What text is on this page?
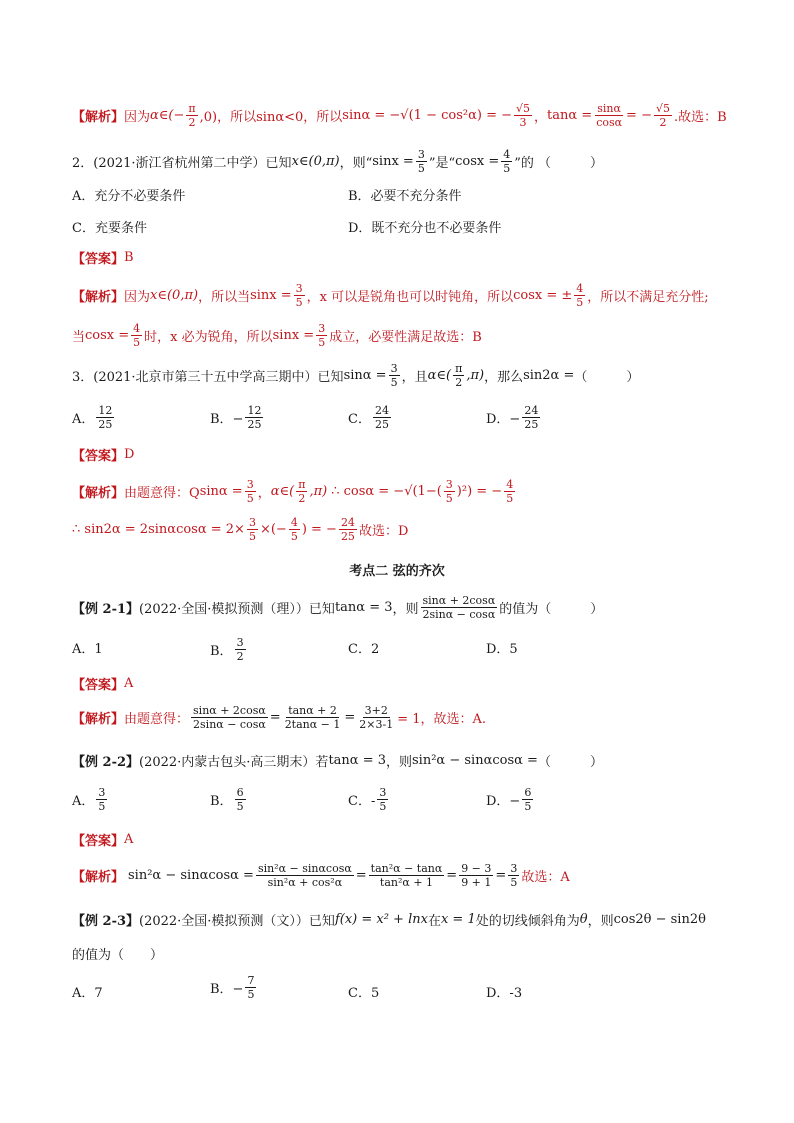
【解析】 因为 α∈(− $\frac{\pi}{2} ,0$)，所以 sinα<0，所以 sinα = −√(1 − cos²α) = − $\frac{√5}{3}$ ， $\tan\alpha = \frac{\sin\alpha}{\cos\alpha}$ = − $\frac{√5}{2}$ .故选：B
2．(2021·浙江省杭州第二中学）已知 x∈(0,π) ，则“ $\sin x = \frac{3}{5}$ ”是“ $\cos x = \frac{4}{5}$ ”的 （　　　）
A．充分不必要条件	B．必要不充分条件
C．充要条件	D．既不充分也不必要条件
【答案】 B
【解析】 因为 x∈(0,π) ，所以当 $\sin x = \frac{3}{5}$ ，x 可以是锐角也可以时钝角，所以 cosx = ± $\frac{4}{5}$ ，所以不满足充分性;
当 $\cos x = \frac{4}{5}$ 时，x 必为锐角，所以 $\sin x = \frac{3}{5}$ 成立，必要性满足故选：B
3．(2021·北京市第三十五中学高三期中）已知 $\sin\alpha = \frac{3}{5}$ ，且 α∈( $\frac{\pi}{2} ,\pi$) ，那么 sin2α = （　　　）
A． $\frac{12}{25}$	B．− $\frac{12}{25}$	C． $\frac{24}{25}$	D．− $\frac{24}{25}$
【答案】 D
【解析】 由题意得：Q $\sin\alpha = \frac{3}{5}$ ， α∈( $\frac{\pi}{2} ,\pi$) ∴ $\cos\alpha = -√(1-( \frac{3}{5} )^2)$ = − $\frac{4}{5}$
∴ $\sin 2\alpha = 2\sin\alpha\cos\alpha = 2\times \frac{3}{5}$ ×(− $\frac{4}{5}$ ) = − $\frac{24}{25}$ 故选：D
考点二 弦的齐次
【例 2-1】 (2022·全国·模拟预测（理））已知 tanα = 3 ，则 $\frac{\sin\alpha + 2\cos\alpha}{2\sin\alpha - \cos\alpha}$ 的值为（　　　）
A．1	B． $\frac{3}{2}$	C．2	D．5
【答案】 A
【解析】 由题意得： $\frac{\sin\alpha + 2\cos\alpha}{2\sin\alpha - \cos\alpha} = \frac{\tan\alpha + 2}{2\tan\alpha - 1} = \frac{3+2}{2\times 3-1} = 1$，故选：A.
【例 2-2】 (2022·内蒙古包头·高三期末）若 tanα = 3 ，则 sin²α − sinαcosα = （　　　）
A． $\frac{3}{5}$	B． $\frac{6}{5}$	C．- $\frac{3}{5}$	D．− $\frac{6}{5}$
【答案】 A
【解析】 $\sin^2\alpha - \sin\alpha\cos\alpha = \frac{\text{sin²α − sinαcosα}}{\text{sin²α + cos²α}} = \frac{\text{tan²α − tanα}}{\text{tan²α + 1}} = \frac{9 - 3}{9 + 1} = \frac{3}{5}$ 故选：A
【例 2-3】 (2022·全国·模拟预测（文））已知 f(x) = x² + lnx 在 x = 1 处的切线倾斜角为 θ ，则 cos2θ − sin2θ
的值为（　　）
A．7	B．− $\frac{7}{5}$	C．5	D．-3
